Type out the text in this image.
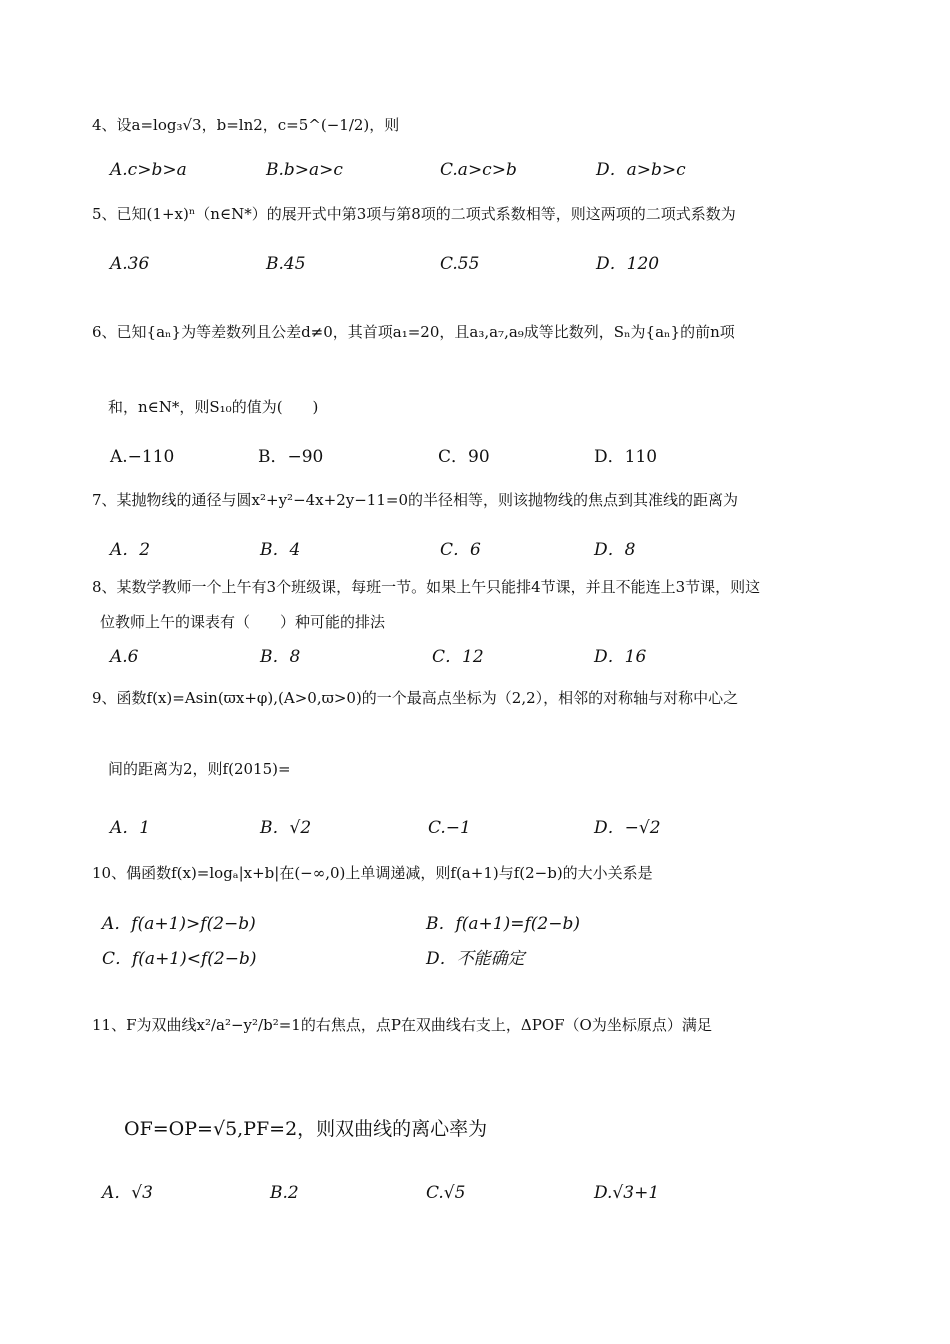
4、设a=log₃√3，b=ln2，c=5^(−1/2)，则
A.c>b>a	B.b>a>c	C.a>c>b	D．a>b>c
5、已知(1+x)ⁿ（n∈N*）的展开式中第3项与第8项的二项式系数相等，则这两项的二项式系数为
A.36	B.45	C.55	D．120
6、已知{aₙ}为等差数列且公差d≠0，其首项a₁=20，且a₃,a₇,a₉成等比数列，Sₙ为{aₙ}的前n项
和，n∈N*，则S₁₀的值为(　　)
A.−110	B．−90	C．90	D．110
7、某抛物线的通径与圆x²+y²−4x+2y−11=0的半径相等，则该抛物线的焦点到其准线的距离为
A．2	B．4	C．6	D．8
8、某数学教师一个上午有3个班级课，每班一节。如果上午只能排4节课，并且不能连上3节课，则这
位教师上午的课表有（　　）种可能的排法
A.6	B．8	C．12	D．16
9、函数f(x)=Asin(ϖx+φ),(A>0,ϖ>0)的一个最高点坐标为（2,2），相邻的对称轴与对称中心之
间的距离为2，则f(2015)=
A．1	B．√2	C.−1	D．−√2
10、偶函数f(x)=logₐ|x+b|在(−∞,0)上单调递减，则f(a+1)与f(2−b)的大小关系是
A．f(a+1)>f(2−b)	B．f(a+1)=f(2−b)
C．f(a+1)<f(2−b)	D．不能确定
11、F为双曲线x²/a²−y²/b²=1的右焦点，点P在双曲线右支上，ΔPOF（O为坐标原点）满足
OF=OP=√5,PF=2，则双曲线的离心率为
A．√3	B.2	C.√5	D.√3+1
